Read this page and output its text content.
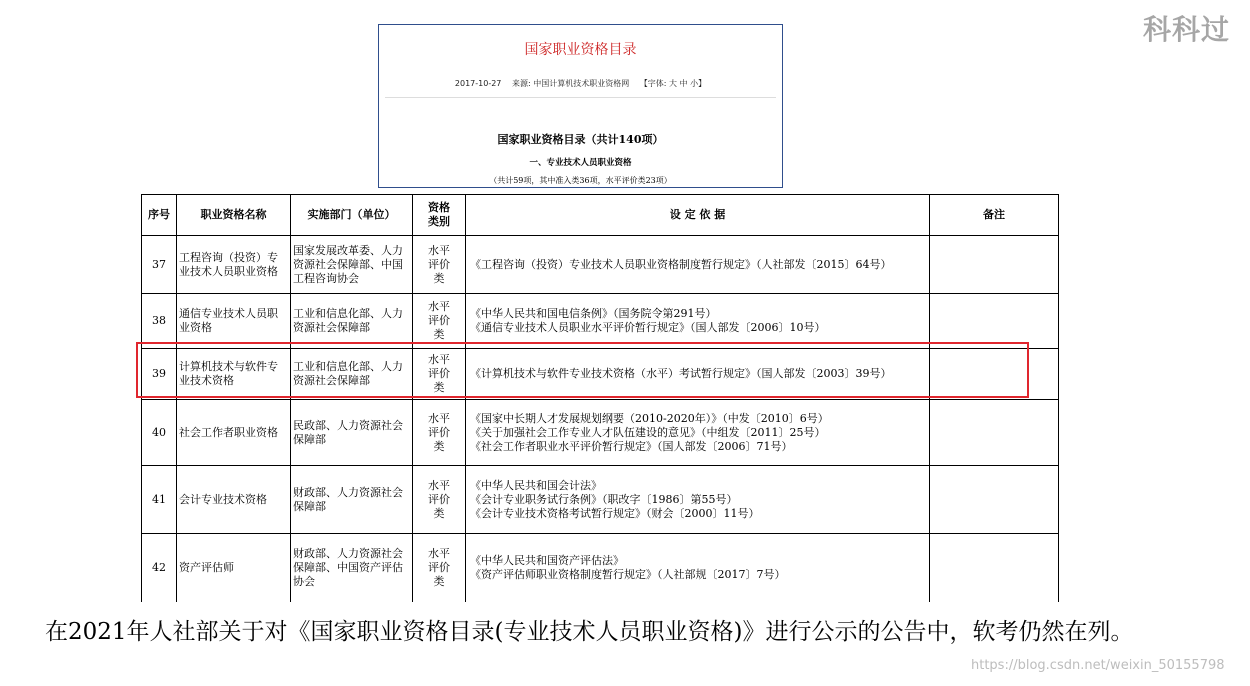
科科过
国家职业资格目录
2017-10-27 来源: 中国计算机技术职业资格网 【字体: 大 中 小】
国家职业资格目录（共计140项）
一、专业技术人员职业资格
（共计59项，其中准入类36项，水平评价类23项）
序号	职业资格名称	实施部门（单位）	资格类别	设 定 依 据	备注
37	工程咨询（投资）专业技术人员职业资格	国家发展改革委、人力资源社会保障部、中国工程咨询协会	水平评价类	《工程咨询（投资）专业技术人员职业资格制度暂行规定》（人社部发〔2015〕64号）	

38	通信专业技术人员职业资格	工业和信息化部、人力资源社会保障部	水平评价类	《中华人民共和国电信条例》（国务院令第291号）
《通信专业技术人员职业水平评价暂行规定》（国人部发〔2006〕10号）	

39	计算机技术与软件专业技术资格	工业和信息化部、人力资源社会保障部	水平评价类	《计算机技术与软件专业技术资格（水平）考试暂行规定》（国人部发〔2003〕39号）	

40	社会工作者职业资格	民政部、人力资源社会保障部	水平评价类	《国家中长期人才发展规划纲要（2010-2020年）》（中发〔2010〕6号）
《关于加强社会工作专业人才队伍建设的意见》（中组发〔2011〕25号）
《社会工作者职业水平评价暂行规定》（国人部发〔2006〕71号）	

41	会计专业技术资格	财政部、人力资源社会保障部	水平评价类	《中华人民共和国会计法》
《会计专业职务试行条例》（职改字〔1986〕第55号）
《会计专业技术资格考试暂行规定》（财会〔2000〕11号）	

42	资产评估师	财政部、人力资源社会保障部、中国资产评估协会	水平评价类	《中华人民共和国资产评估法》
《资产评估师职业资格制度暂行规定》（人社部规〔2017〕7号）	

在2021年人社部关于对《国家职业资格目录(专业技术人员职业资格)》进行公示的公告中，软考仍然在列。
https://blog.csdn.net/weixin_50155798
